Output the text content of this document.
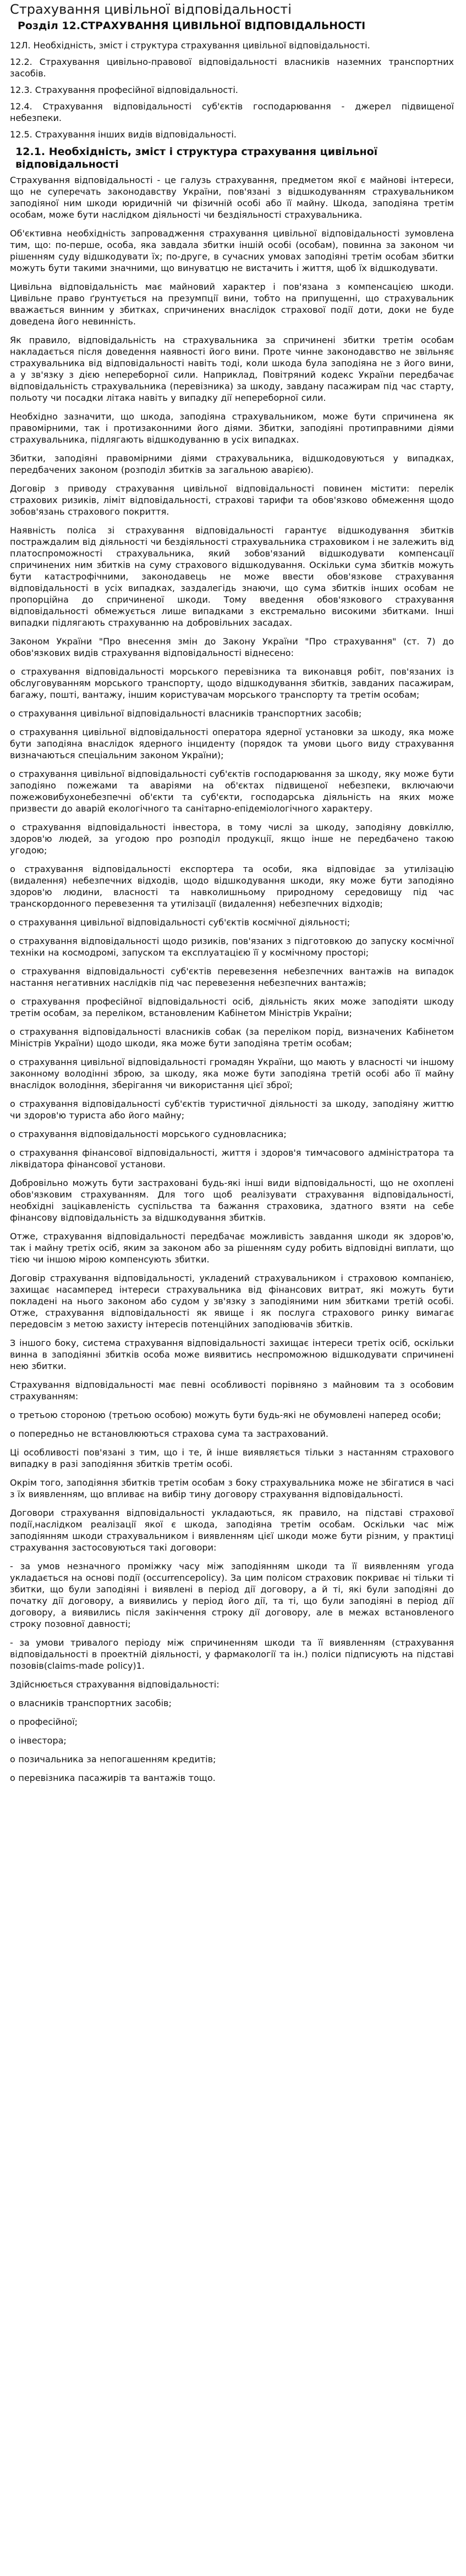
Страхування цивільної відповідальності
Розділ 12.СТРАХУВАННЯ ЦИВІЛЬНОЇ ВІДПОВІДАЛЬНОСТІ
12Л. Необхідність, зміст і структура страхування цивільної відповідальності.
12.2. Страхування цивільно-правової відповідальності власників наземних транспортних засобів.
12.3. Страхування професійної відповідальності.
12.4. Страхування відповідальності суб'єктів господарювання - джерел підвищеної небезпеки.
12.5. Страхування інших видів відповідальності.
12.1. Необхідність, зміст і структура страхування цивільної відповідальності

Страхування відповідальності - це галузь страхування, предметом якої є майнові інтереси, що не суперечать законодавству України, пов'язані з відшкодуванням страхувальником заподіяної ним шкоди юридичній чи фізичній особі або її майну. Шкода, заподіяна третім особам, може бути наслідком діяльності чи бездіяльності страхувальника.

Об'єктивна необхідність запровадження страхування цивільної відповідальності зумовлена тим, що: по-перше, особа, яка завдала збитки іншій особі (особам), повинна за законом чи рішенням суду відшкодувати їх; по-друге, в сучасних умовах заподіяні третім особам збитки можуть бути такими значними, що винуватцю не вистачить і життя, щоб їх відшкодувати.

Цивільна відповідальність має майновий характер і пов'язана з компенсацією шкоди. Цивільне право ґрунтується на презумпції вини, тобто на припущенні, що страхувальник вважається винним у збитках, спричинених внаслідок страхової події доти, доки не буде доведена його невинність.

Як правило, відповідальність на страхувальника за спричинені збитки третім особам накладається після доведення наявності його вини. Проте чинне законодавство не звільняє страхувальника від відповідальності навіть тоді, коли шкода була заподіяна не з його вини, а у зв'язку з дією непереборної сили. Наприклад, Повітряний кодекс України передбачає відповідальність страхувальника (перевізника) за шкоду, завдану пасажирам під час старту, польоту чи посадки літака навіть у випадку дії непереборної сили.

Необхідно зазначити, що шкода, заподіяна страхувальником, може бути спричинена як правомірними, так і протизаконними його діями. Збитки, заподіяні протиправними діями страхувальника, підлягають відшкодуванню в усіх випадках.

Збитки, заподіяні правомірними діями страхувальника, відшкодовуються у випадках, передбачених законом (розподіл збитків за загальною аварією).

Договір з приводу страхування цивільної відповідальності повинен містити: перелік страхових ризиків, ліміт відповідальності, страхові тарифи та обов'язково обмеження щодо зобов'язань страхового покриття.

Наявність поліса зі страхування відповідальності гарантує відшкодування збитків постраждалим від діяльності чи бездіяльності страхувальника страховиком і не залежить від платоспроможності страхувальника, який зобов'язаний відшкодувати компенсації спричинених ним збитків на суму страхового відшкодування. Оскільки сума збитків можуть бути катастрофічними, законодавець не може ввести обов'язкове страхування відповідальності в усіх випадках, заздалегідь знаючи, що сума збитків інших особам не пропорційна до спричиненої шкоди. Тому введення обов'язкового страхування відповідальності обмежується лише випадками з екстремально високими збитками. Інші випадки підлягають страхуванню на добровільних засадах.

Законом України "Про внесення змін до Закону України "Про страхування" (ст. 7) до обов'язкових видів страхування відповідальності віднесено:

о страхування відповідальності морського перевізника та виконавця робіт, пов'язаних із обслуговуванням морського транспорту, щодо відшкодування збитків, завданих пасажирам, багажу, пошті, вантажу, іншим користувачам морського транспорту та третім особам;

о страхування цивільної відповідальності власників транспортних засобів;

о страхування цивільної відповідальності оператора ядерної установки за шкоду, яка може бути заподіяна внаслідок ядерного інциденту (порядок та умови цього виду страхування визначаються спеціальним законом України);

о страхування цивільної відповідальності суб'єктів господарювання за шкоду, яку може бути заподіяно пожежами та аваріями на об'єктах підвищеної небезпеки, включаючи пожежовибухонебезпечні об'єкти та суб'єкти, господарська діяльність на яких може призвести до аварій екологічного та санітарно-епідеміологічного характеру.

о страхування відповідальності інвестора, в тому числі за шкоду, заподіяну довкіллю, здоров'ю людей, за угодою про розподіл продукції, якщо інше не передбачено такою угодою;

о страхування відповідальності експортера та особи, яка відповідає за утилізацію (видалення) небезпечних відходів, щодо відшкодування шкоди, яку може бути заподіяно здоров'ю людини, власності та навколишньому природному середовищу під час транскордонного перевезення та утилізації (видалення) небезпечних відходів;

о страхування цивільної відповідальності суб'єктів космічної діяльності;

о страхування відповідальності щодо ризиків, пов'язаних з підготовкою до запуску космічної техніки на космодромі, запуском та експлуатацією її у космічному просторі;

о страхування відповідальності суб'єктів перевезення небезпечних вантажів на випадок настання негативних наслідків під час перевезення небезпечних вантажів;

о страхування професійної відповідальності осіб, діяльність яких може заподіяти шкоду третім особам, за переліком, встановленим Кабінетом Міністрів України;

о страхування відповідальності власників собак (за переліком порід, визначених Кабінетом Міністрів України) щодо шкоди, яка може бути заподіяна третім особам;

о страхування цивільної відповідальності громадян України, що мають у власності чи іншому законному володінні зброю, за шкоду, яка може бути заподіяна третій особі або її майну внаслідок володіння, зберігання чи використання цієї зброї;

о страхування відповідальності суб'єктів туристичної діяльності за шкоду, заподіяну життю чи здоров'ю туриста або його майну;

о страхування відповідальності морського судновласника;

о страхування фінансової відповідальності, життя і здоров'я тимчасового адміністратора та ліквідатора фінансової установи.

Добровільно можуть бути застраховані будь-які інші види відповідальності, що не охоплені обов'язковим страхуванням. Для того щоб реалізувати страхування відповідальності, необхідні зацікавленість суспільства та бажання страховика, здатного взяти на себе фінансову відповідальність за відшкодування збитків.

Отже, страхування відповідальності передбачає можливість завдання шкоди як здоров'ю, так і майну третіх осіб, яким за законом або за рішенням суду робить відповідні виплати, що тією чи іншою мірою компенсують збитки.

Договір страхування відповідальності, укладений страхувальником і страховою компанією, захищає насамперед інтереси страхувальника від фінансових витрат, які можуть бути покладені на нього законом або судом у зв'язку з заподіяними ним збитками третій особі. Отже, страхування відповідальності як явище і як послуга страхового ринку вимагає передовсім з метою захисту інтересів потенційних заподіювачів збитків.

З іншого боку, система страхування відповідальності захищає інтереси третіх осіб, оскільки винна в заподіянні збитків особа може виявитись неспроможною відшкодувати спричинені нею збитки.

Страхування відповідальності має певні особливості порівняно з майновим та з особовим страхуванням:

о третьою стороною (третьою особою) можуть бути будь-які не обумовлені наперед особи;

о попередньо не встановлюються страхова сума та застрахований.

Ці особливості пов'язані з тим, що і те, й інше виявляється тільки з настанням страхового випадку в разі заподіяння збитків третім особі.

Окрім того, заподіяння збитків третім особам з боку страхувальника може не збігатися в часі з їх виявленням, що впливає на вибір тину договору страхування відповідальності.

Договори страхування відповідальності укладаються, як правило, на підставі страхової події,наслідком реалізації якої є шкода, заподіяна третім особам. Оскільки час між заподіянням шкоди страхувальником і виявленням цієї шкоди може бути різним, у практиці страхування застосовуються такі договори:

- за умов незначного проміжку часу між заподіянням шкоди та її виявленням угода укладається на основі події (occurrencepolicy). За цим полісом страховик покриває ні тільки ті збитки, що були заподіяні і виявлені в період дії договору, а й ті, які були заподіяні до початку дії договору, а виявились у період його дії, та ті, що були заподіяні в період дії договору, а виявились після закінчення строку дії договору, але в межах встановленого строку позовної давності;

- за умови тривалого періоду між спричиненням шкоди та її виявленням (страхування відповідальності в проектній діяльності, у фармакології та ін.) поліси підписують на підставі позовів(claims-made policy)1.

Здійснюється страхування відповідальності:

о власників транспортних засобів;

о професійної;

о інвестора;

о позичальника за непогашенням кредитів;

о перевізника пасажирів та вантажів тощо.
